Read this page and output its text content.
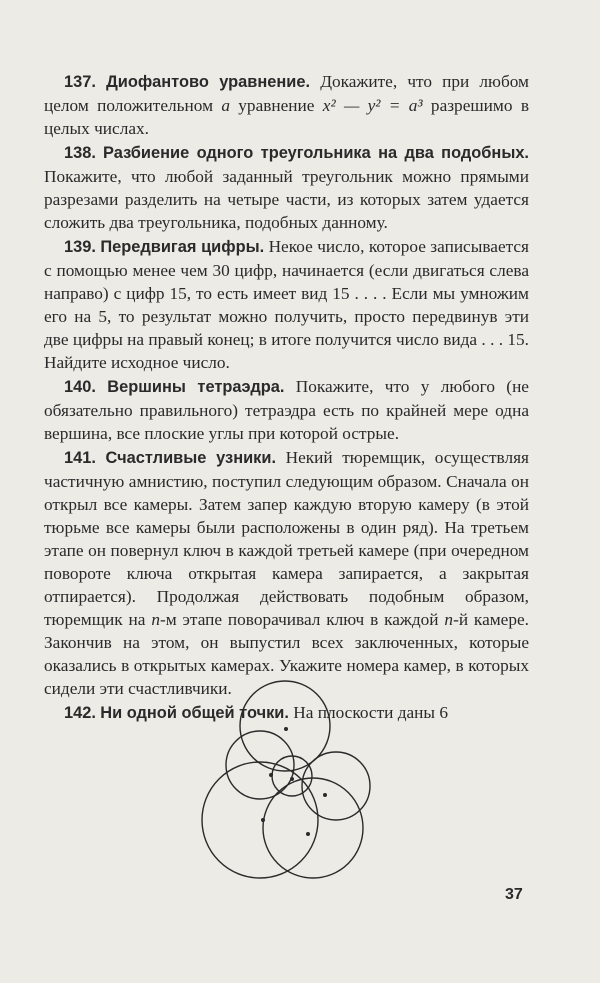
137. Диофантово уравнение. Докажите, что при любом целом положительном a уравнение x² — y² = a³ разрешимо в целых числах.

138. Разбиение одного треугольника на два подобных. Покажите, что любой заданный треугольник можно прямыми разрезами разделить на четыре части, из которых затем удается сложить два треугольника, подобных данному.

139. Передвигая цифры. Некое число, которое записывается с помощью менее чем 30 цифр, начинается (если двигаться слева направо) с цифр 15, то есть имеет вид 15 . . . . Если мы умножим его на 5, то результат можно получить, просто передвинув эти две цифры на правый конец; в итоге получится число вида . . . 15. Найдите исходное число.

140. Вершины тетраэдра. Покажите, что у любого (не обязательно правильного) тетраэдра есть по крайней мере одна вершина, все плоские углы при которой острые.

141. Счастливые узники. Некий тюремщик, осуществляя частичную амнистию, поступил следующим образом. Сначала он открыл все камеры. Затем запер каждую вторую камеру (в этой тюрьме все камеры были расположены в один ряд). На третьем этапе он повернул ключ в каждой третьей камере (при очередном повороте ключа открытая камера запирается, а закрытая отпирается). Продолжая действовать подобным образом, тюремщик на n-м этапе поворачивал ключ в каждой n-й камере. Закончив на этом, он выпустил всех заключенных, которые оказались в открытых камерах. Укажите номера камер, в которых сидели эти счастливчики.

142. Ни одной общей точки. На плоскости даны 6

37
